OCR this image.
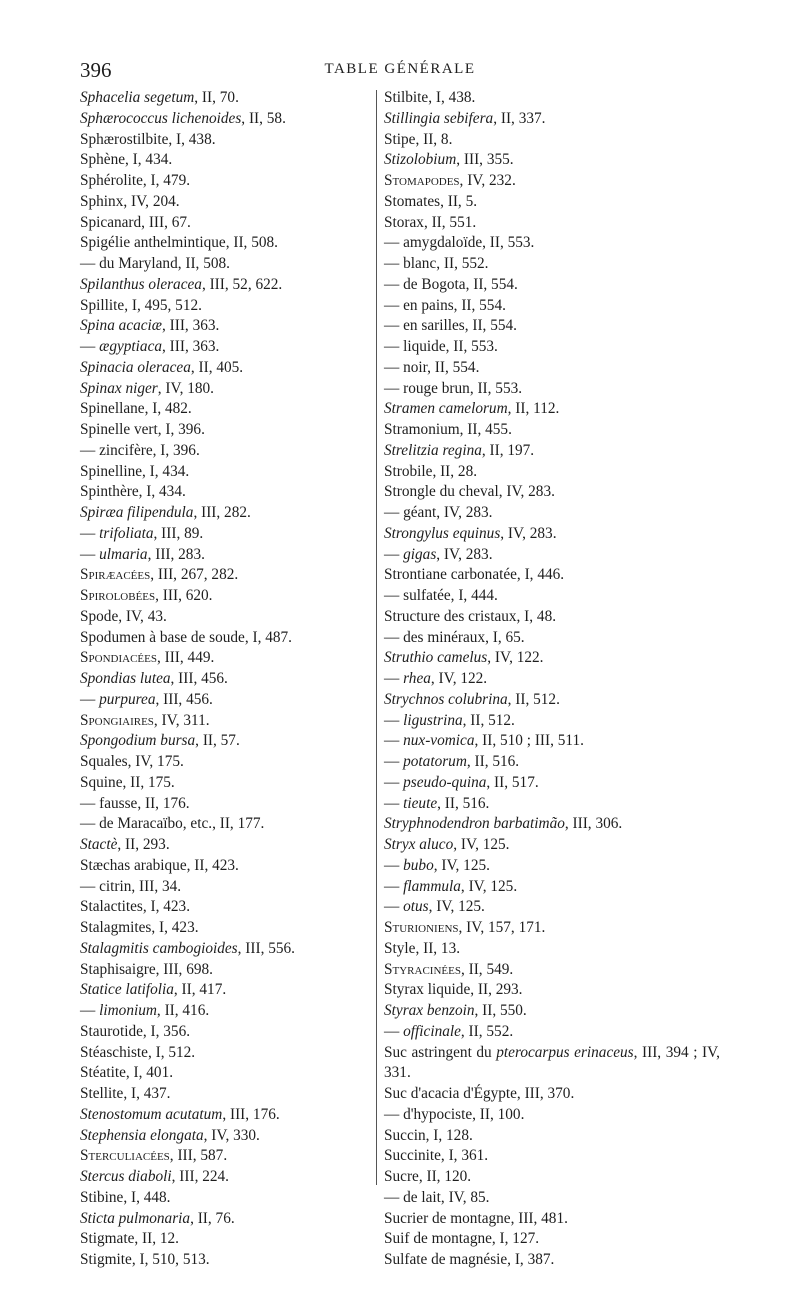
396	TABLE GÉNÉRALE
Sphacelia segetum, II, 70.
Sphærococcus lichenoides, II, 58.
Sphærostilbite, I, 438.
Sphène, I, 434.
Sphérolite, I, 479.
Sphinx, IV, 204.
Spicanard, III, 67.
Spigélie anthelmintique, II, 508.
— du Maryland, II, 508.
Spilanthus oleracea, III, 52, 622.
Spillite, I, 495, 512.
Spina acaciæ, III, 363.
— ægyptiaca, III, 363.
Spinacia oleracea, II, 405.
Spinax niger, IV, 180.
Spinellane, I, 482.
Spinelle vert, I, 396.
— zincifère, I, 396.
Spinelline, I, 434.
Spinthère, I, 434.
Spiræa filipendula, III, 282.
— trifoliata, III, 89.
— ulmaria, III, 283.
Spiræacées, III, 267, 282.
Spirolobées, III, 620.
Spode, IV, 43.
Spodumen à base de soude, I, 487.
Spondiacées, III, 449.
Spondias lutea, III, 456.
— purpurea, III, 456.
Spongiaires, IV, 311.
Spongodium bursa, II, 57.
Squales, IV, 175.
Squine, II, 175.
— fausse, II, 176.
— de Maracaïbo, etc., II, 177.
Stactè, II, 293.
Stæchas arabique, II, 423.
— citrin, III, 34.
Stalactites, I, 423.
Stalagmites, I, 423.
Stalagmitis cambogioides, III, 556.
Staphisaigre, III, 698.
Statice latifolia, II, 417.
— limonium, II, 416.
Staurotide, I, 356.
Stéaschiste, I, 512.
Stéatite, I, 401.
Stellite, I, 437.
Stenostomum acutatum, III, 176.
Stephensia elongata, IV, 330.
Sterculiacées, III, 587.
Stercus diaboli, III, 224.
Stibine, I, 448.
Sticta pulmonaria, II, 76.
Stigmate, II, 12.
Stigmite, I, 510, 513.
Stilbite, I, 438.
Stillingia sebifera, II, 337.
Stipe, II, 8.
Stizolobium, III, 355.
Stomapodes, IV, 232.
Stomates, II, 5.
Storax, II, 551.
— amygdaloïde, II, 553.
— blanc, II, 552.
— de Bogota, II, 554.
— en pains, II, 554.
— en sarilles, II, 554.
— liquide, II, 553.
— noir, II, 554.
— rouge brun, II, 553.
Stramen camelorum, II, 112.
Stramonium, II, 455.
Strelitzia regina, II, 197.
Strobile, II, 28.
Strongle du cheval, IV, 283.
— géant, IV, 283.
Strongylus equinus, IV, 283.
— gigas, IV, 283.
Strontiane carbonatée, I, 446.
— sulfatée, I, 444.
Structure des cristaux, I, 48.
— des minéraux, I, 65.
Struthio camelus, IV, 122.
— rhea, IV, 122.
Strychnos colubrina, II, 512.
— ligustrina, II, 512.
— nux-vomica, II, 510 ; III, 511.
— potatorum, II, 516.
— pseudo-quina, II, 517.
— tieute, II, 516.
Stryphnodendron barbatimão, III, 306.
Stryx aluco, IV, 125.
— bubo, IV, 125.
— flammula, IV, 125.
— otus, IV, 125.
Sturioniens, IV, 157, 171.
Style, II, 13.
Styracinées, II, 549.
Styrax liquide, II, 293.
Styrax benzoin, II, 550.
— officinale, II, 552.
Suc astringent du pterocarpus erinaceus, III, 394 ; IV, 331.
Suc d'acacia d'Égypte, III, 370.
— d'hypociste, II, 100.
Succin, I, 128.
Succinite, I, 361.
Sucre, II, 120.
— de lait, IV, 85.
Sucrier de montagne, III, 481.
Suif de montagne, I, 127.
Sulfate de magnésie, I, 387.
